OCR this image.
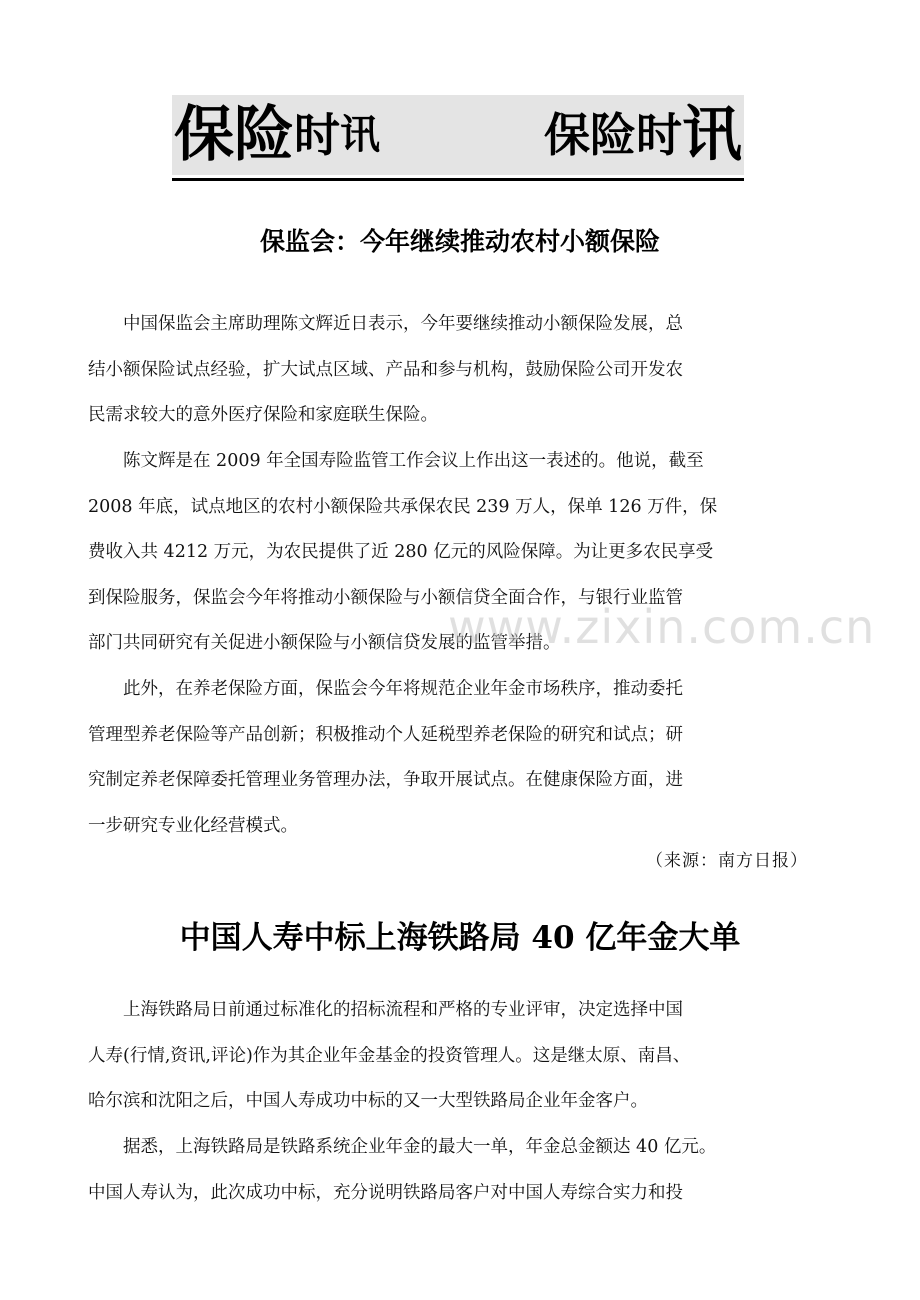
保险 时 讯	保险 时 讯
保监会：今年继续推动农村小额保险

中国保监会主席助理陈文辉近日表示，今年要继续推动小额保险发展，总
结小额保险试点经验，扩大试点区域、产品和参与机构，鼓励保险公司开发农
民需求较大的意外医疗保险和家庭联生保险。

陈文辉是在 2009 年全国寿险监管工作会议上作出这一表述的。他说，截至
2008 年底，试点地区的农村小额保险共承保农民 239 万人，保单 126 万件，保
费收入共 4212 万元，为农民提供了近 280 亿元的风险保障。为让更多农民享受
到保险服务，保监会今年将推动小额保险与小额信贷全面合作，与银行业监管
部门共同研究有关促进小额保险与小额信贷发展的监管举措。

此外，在养老保险方面，保监会今年将规范企业年金市场秩序，推动委托
管理型养老保险等产品创新；积极推动个人延税型养老保险的研究和试点；研
究制定养老保障委托管理业务管理办法，争取开展试点。在健康保险方面，进
一步研究专业化经营模式。

（来源：南方日报）
中国人寿中标上海铁路局 40 亿年金大单

上海铁路局日前通过标准化的招标流程和严格的专业评审，决定选择中国
人寿(行情,资讯,评论)作为其企业年金基金的投资管理人。这是继太原、南昌、
哈尔滨和沈阳之后，中国人寿成功中标的又一大型铁路局企业年金客户。

据悉，上海铁路局是铁路系统企业年金的最大一单，年金总金额达 40 亿元。
中国人寿认为，此次成功中标，充分说明铁路局客户对中国人寿综合实力和投

www.zixin.com.cn
